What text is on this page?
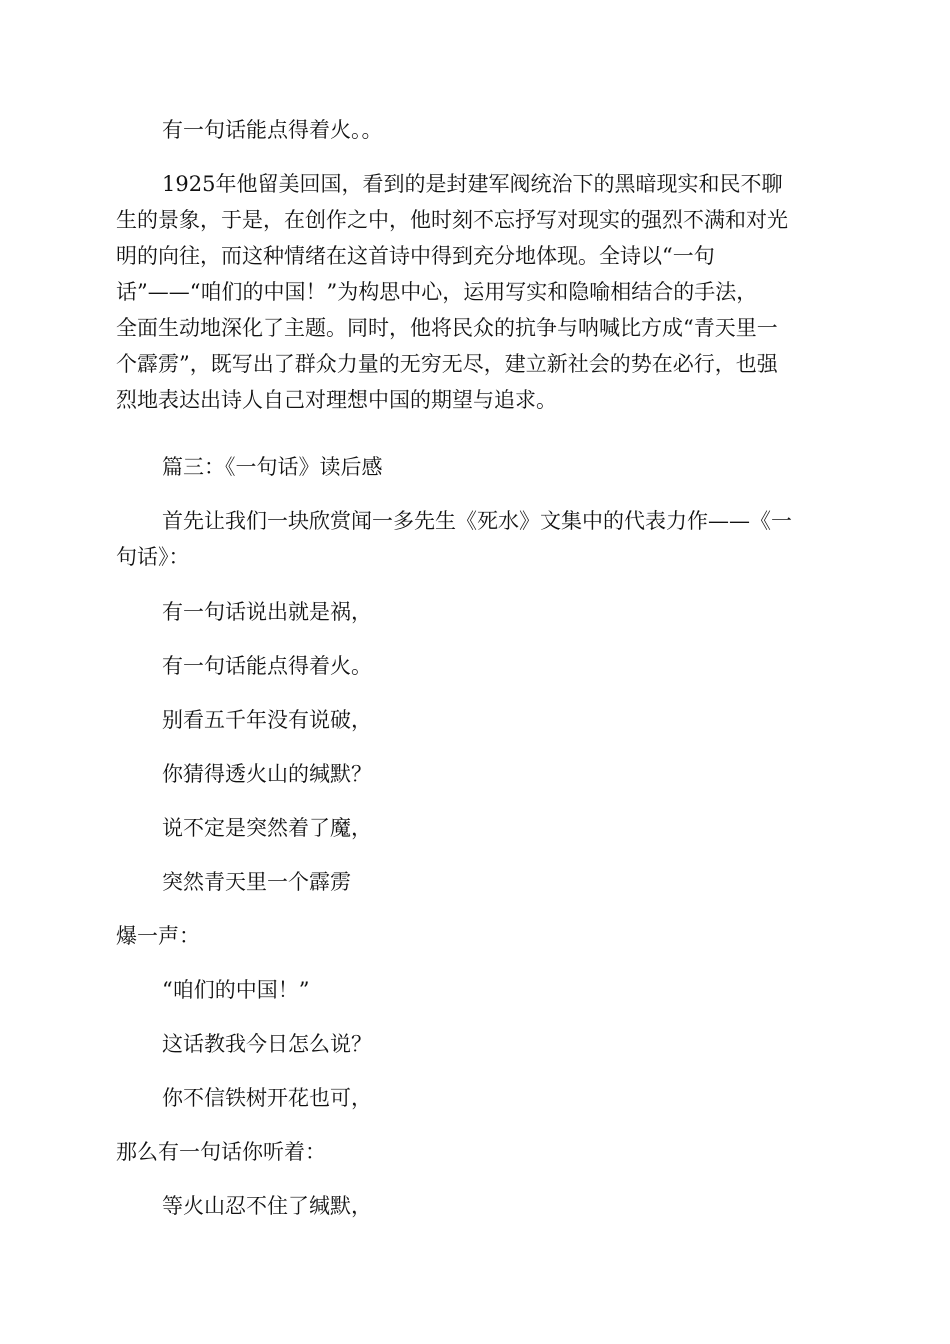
有一句话能点得着火。。

1925年他留美回国，看到的是封建军阀统治下的黑暗现实和民不聊
生的景象，于是，在创作之中，他时刻不忘抒写对现实的强烈不满和对光
明的向往，而这种情绪在这首诗中得到充分地体现。全诗以“一句
话”——“咱们的中国！”为构思中心，运用写实和隐喻相结合的手法，
全面生动地深化了主题。同时，他将民众的抗争与呐喊比方成“青天里一
个霹雳”，既写出了群众力量的无穷无尽，建立新社会的势在必行，也强
烈地表达出诗人自己对理想中国的期望与追求。

篇三：《一句话》读后感

首先让我们一块欣赏闻一多先生《死水》文集中的代表力作——《一
句话》：

有一句话说出就是祸，

有一句话能点得着火。

别看五千年没有说破，

你猜得透火山的缄默？

说不定是突然着了魔，

突然青天里一个霹雳

爆一声：

“咱们的中国！”

这话教我今日怎么说？

你不信铁树开花也可，

那么有一句话你听着：

等火山忍不住了缄默，
